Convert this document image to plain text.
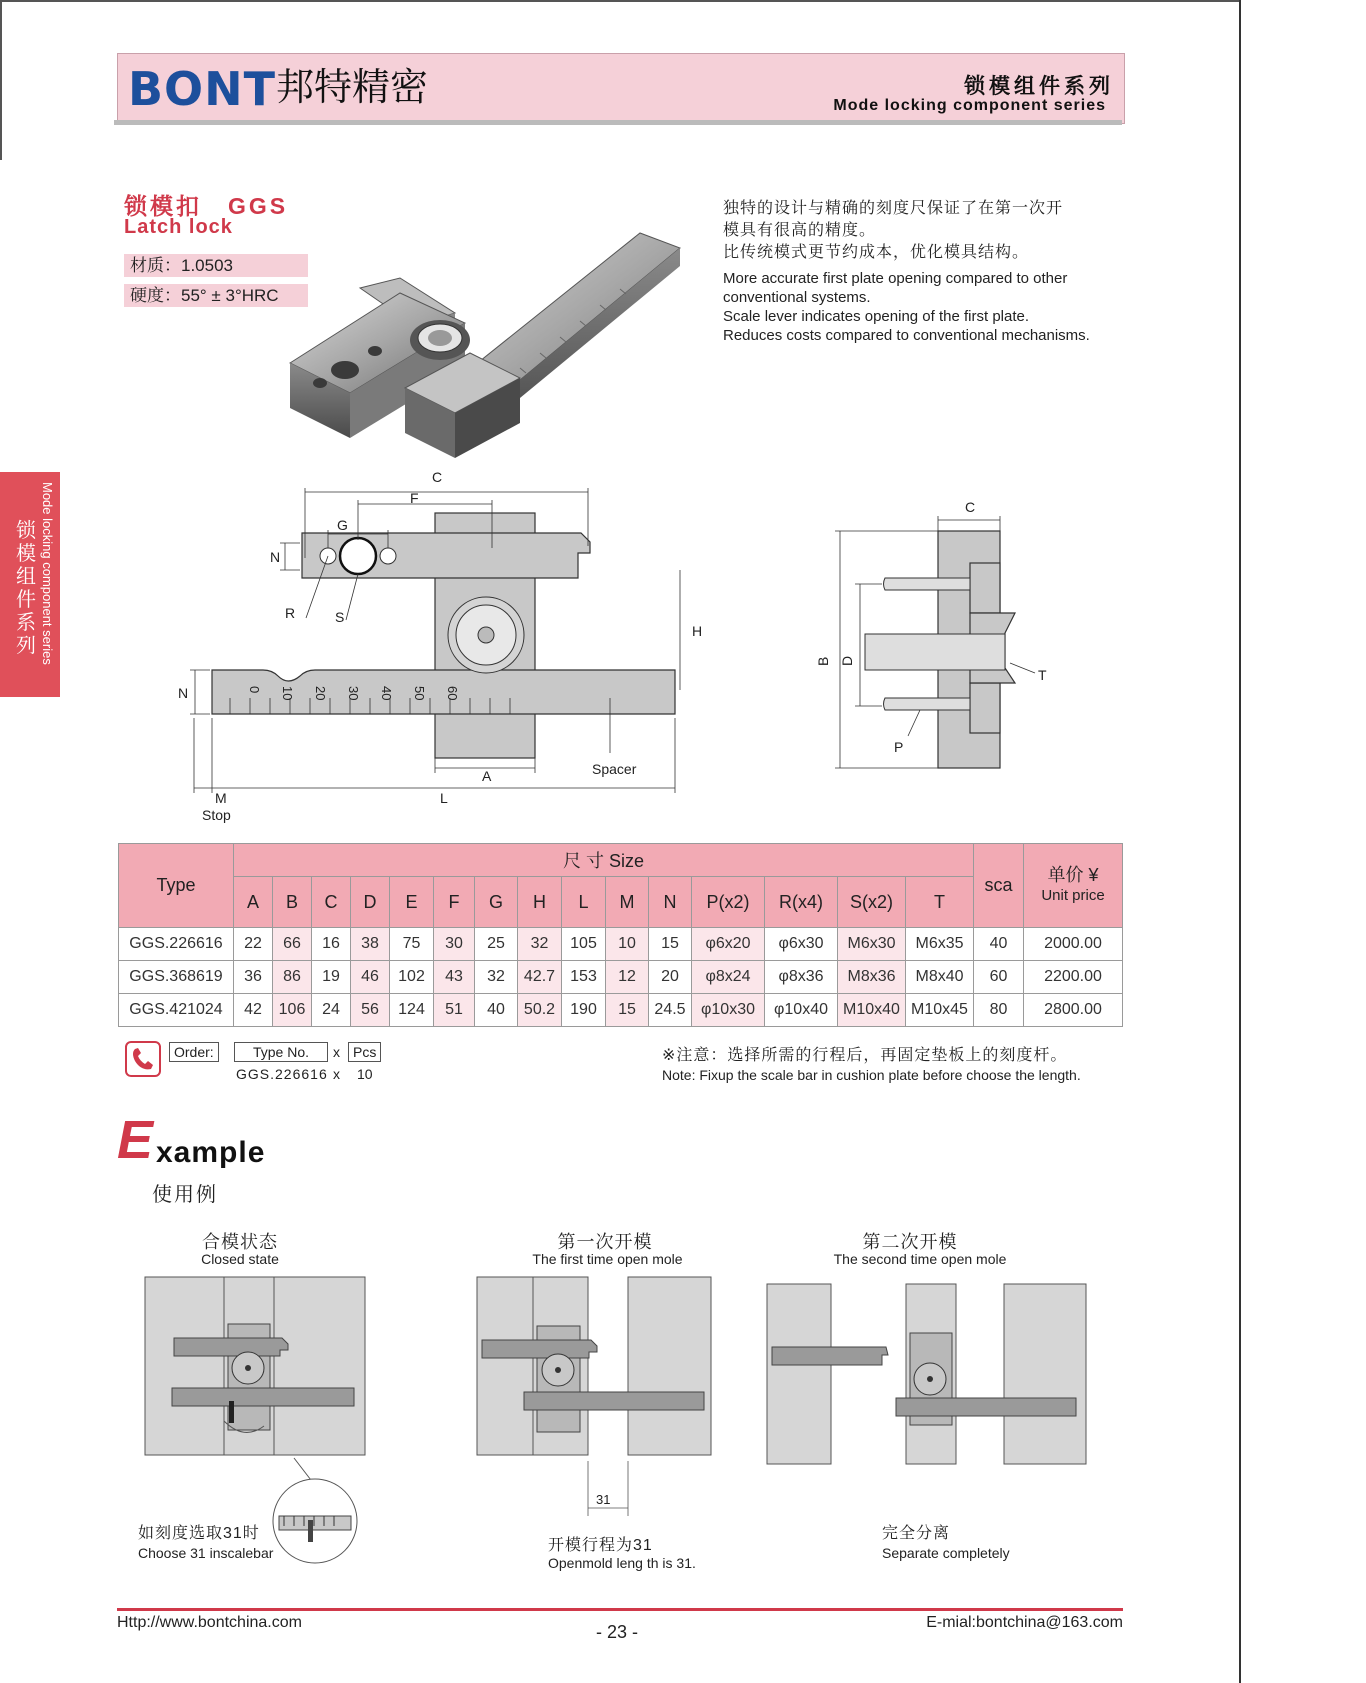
BONT 邦特精密	锁模组件系列
Mode locking component series
锁模组件系列 Mode locking component series
锁模扣　GGS
Latch lock
材质：1.0503
硬度：55° ± 3°HRC
独特的设计与精确的刻度尺保证了在第一次开
模具有很高的精度。
比传统模式更节约成本，优化模具结构。
More accurate first plate opening compared to other
conventional systems.
Scale lever indicates opening of the first plate.
Reduces costs compared to conventional mechanisms.
0 10 20 30 40 50 60
C
F
G
N
R	S
N
H
A	Spacer
L
M
Stop
B D
C
T
P
Type	尺 寸 Size															sca	单价 ¥
Unit price
	A	B	C	D	E	F	G	H	L	M	N	P(x2)	R(x4)	S(x2)	T		
GGS.226616	22	66	16	38	75	30	25	32	105	10	15	φ6x20	φ6x30	M6x30	M6x35	40	2000.00
GGS.368619	36	86	19	46	102	43	32	42.7	153	12	20	φ8x24	φ8x36	M8x36	M8x40	60	2200.00
GGS.421024	42	106	24	56	124	51	40	50.2	190	15	24.5	φ10x30	φ10x40	M10x40	M10x45	80	2800.00
Order:	Type No.	x Pcs
GGS.226616 x 10
※注意：选择所需的行程后，再固定垫板上的刻度杆。
Note: Fixup the scale bar in cushion plate before choose the length.
E xample
使用例
合模状态
Closed state
第一次开模
The first time open mole
第二次开模
The second time open mole
如刻度选取31时
Choose 31 inscalebar
31
开模行程为31
Openmold leng th is 31.
完全分离
Separate completely
Http://www.bontchina.com	- 23 -	E-mial:bontchina@163.com
